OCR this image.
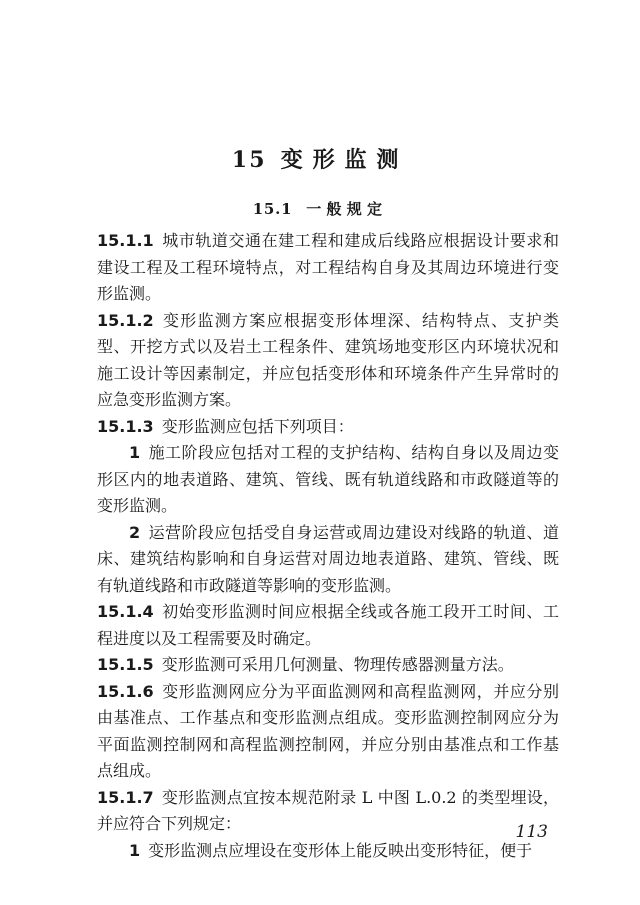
15 变形监测
15.1 一般规定

15.1.1 城市轨道交通在建工程和建成后线路应根据设计要求和建设工程及工程环境特点，对工程结构自身及其周边环境进行变形监测。

15.1.2 变形监测方案应根据变形体埋深、结构特点、支护类型、开挖方式以及岩土工程条件、建筑场地变形区内环境状况和施工设计等因素制定，并应包括变形体和环境条件产生异常时的应急变形监测方案。

15.1.3 变形监测应包括下列项目：

1 施工阶段应包括对工程的支护结构、结构自身以及周边变形区内的地表道路、建筑、管线、既有轨道线路和市政隧道等的变形监测。

2 运营阶段应包括受自身运营或周边建设对线路的轨道、道床、建筑结构影响和自身运营对周边地表道路、建筑、管线、既有轨道线路和市政隧道等影响的变形监测。

15.1.4 初始变形监测时间应根据全线或各施工段开工时间、工程进度以及工程需要及时确定。

15.1.5 变形监测可采用几何测量、物理传感器测量方法。

15.1.6 变形监测网应分为平面监测网和高程监测网，并应分别由基准点、工作基点和变形监测点组成。变形监测控制网应分为平面监测控制网和高程监测控制网，并应分别由基准点和工作基点组成。

15.1.7 变形监测点宜按本规范附录 L 中图 L.0.2 的类型埋设，并应符合下列规定：

1 变形监测点应埋设在变形体上能反映出变形特征，便于

113
